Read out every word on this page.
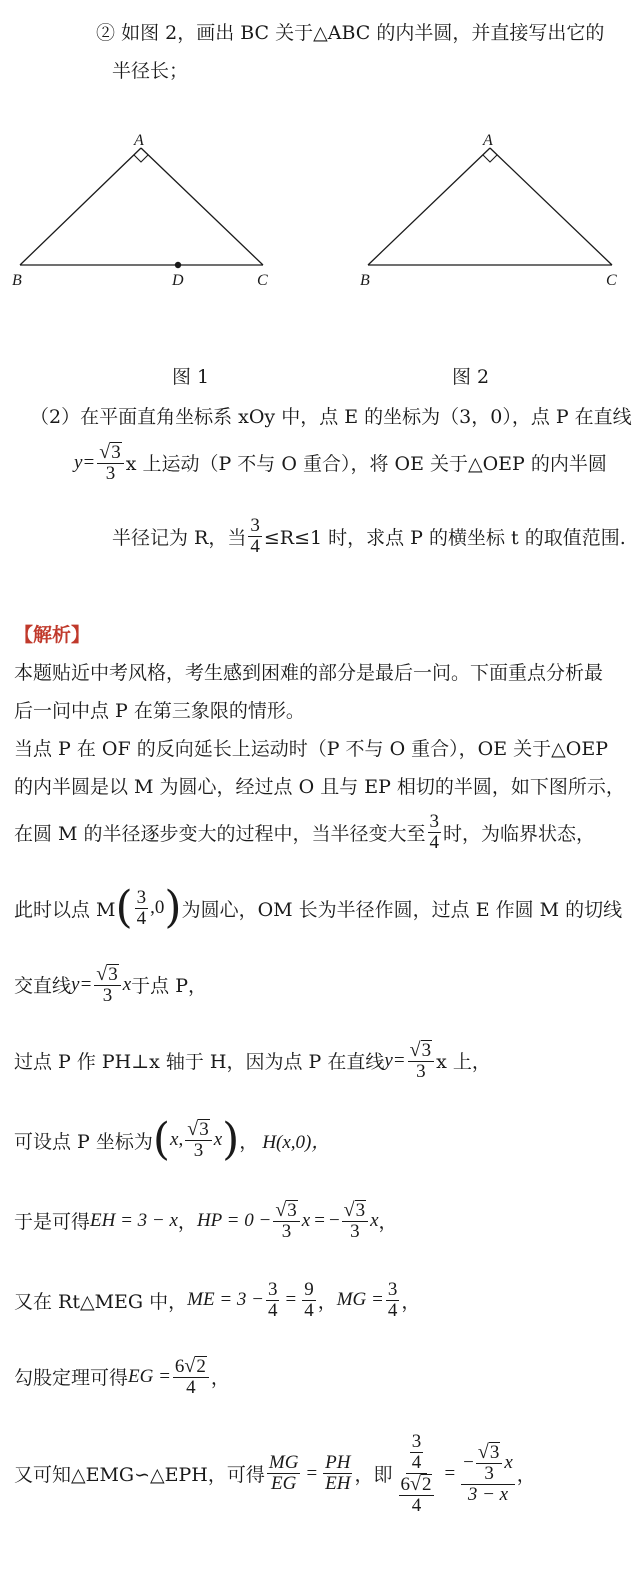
② 如图 2，画出 BC 关于△ABC 的内半圆，并直接写出它的
半径长；
A
B	C
D
A
B	C
图 1	图 2
（2）在平面直角坐标系 xOy 中，点 E 的坐标为（3，0），点 P 在直线
$y= \frac{√ 3}{3}$ x 上运动（P 不与 O 重合），将 OE 关于△OEP 的内半圆
半径记为 R，当 $\frac{3}{4} \le R\le 1$ 时，求点 P 的横坐标 t 的取值范围.
【解析】
本题贴近中考风格，考生感到困难的部分是最后一问。下面重点分析最
后一问中点 P 在第三象限的情形。
当点 P 在 OF 的反向延长上运动时（P 不与 O 重合），OE 关于△OEP
的内半圆是以 M 为圆心，经过点 O 且与 EP 相切的半圆，如下图所示，
在圆 M 的半径逐步变大的过程中，当半径变大至 $\frac{3}{4}$ 时，为临界状态，
此时以点 M ( $\frac{3}{4}$ , 0 ) 为圆心，OM 长为半径作圆，过点 E 作圆 M 的切线
交直线 $y= \frac{√ 3}{3}$ x 于点 P，
过点 P 作 PH⊥x 轴于 H，因为点 P 在直线 $y= \frac{√ 3}{3}$ x 上，
可设点 P 坐标为 ( x , $\frac{√ 3}{3}$ x ) ， H(x,0)，
于是可得 EH = 3 − x ， HP = $0 - \frac{√ 3}{3}$ x = − $\frac{√ 3}{3}$ x ，
又在 Rt△MEG 中， ME = $3 - \frac{3}{4} = \frac{9}{4}$ ， MG = $\frac{3}{4}$ ，
勾股定理可得 EG = $\frac{6 √ 2}{4}$ ，
又可知△EMG∽△EPH，可得 $\frac{MG}{EG} = \frac{PH}{EH}$ ，即 $\frac{\frac{3}{4}}{\frac{6 √ 2}{4}} = \frac{- \frac{√ 3}{3} x}{3 - x}$ ，
